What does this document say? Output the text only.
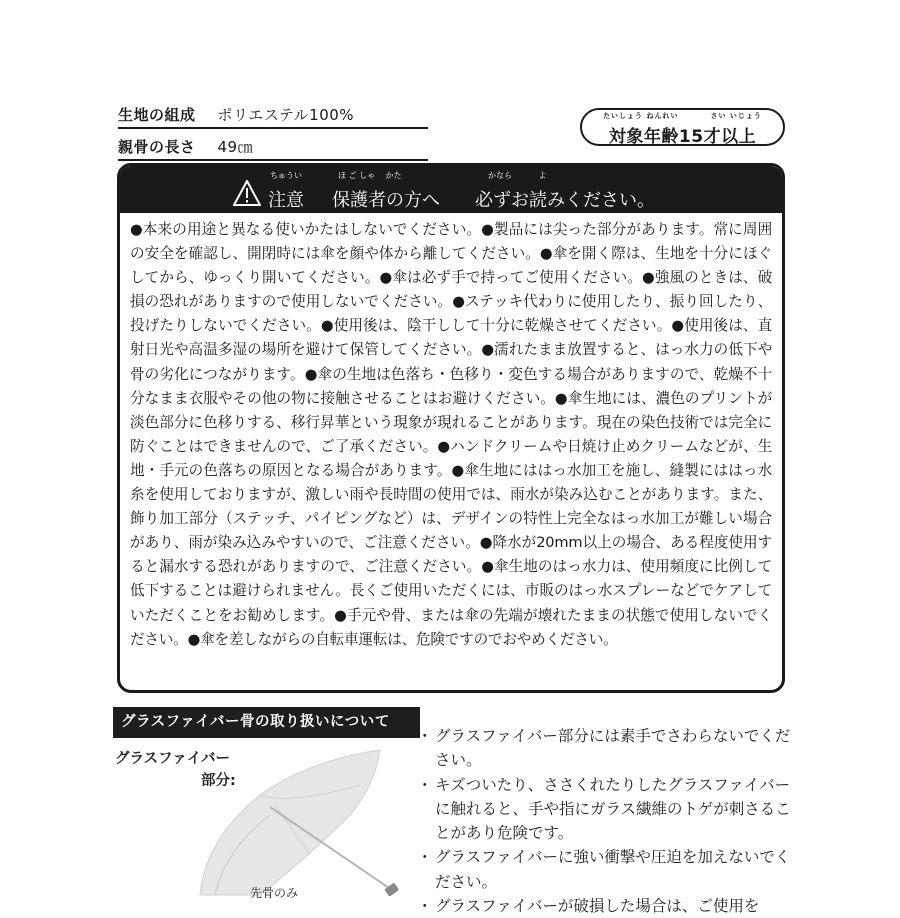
生地の組成 ポリエステル100%
親骨の長さ 49㎝
たいしょう ねんれい　　　　さい いじょう
対象年齢15才以上
ちゅうい
注意
ほ ご しゃ　 かた
保護者の方へ
かなら　　　 よ
必ずお読みください。
●本来の用途と異なる使いかたはしないでください。●製品には尖った部分があります。常に周囲の安全を確認し、開閉時には傘を顔や体から離してください。●傘を開く際は、生地を十分にほぐしてから、ゆっくり開いてください。●傘は必ず手で持ってご使用ください。●強風のときは、破損の恐れがありますので使用しないでください。●ステッキ代わりに使用したり、振り回したり、投げたりしないでください。●使用後は、陰干しして十分に乾燥させてください。●使用後は、直射日光や高温多湿の場所を避けて保管してください。●濡れたまま放置すると、はっ水力の低下や骨の劣化につながります。●傘の生地は色落ち・色移り・変色する場合がありますので、乾燥不十分なまま衣服やその他の物に接触させることはお避けください。●傘生地には、濃色のプリントが淡色部分に色移りする、移行昇華という現象が現れることがあります。現在の染色技術では完全に防ぐことはできませんので、ご了承ください。●ハンドクリームや日焼け止めクリームなどが、生地・手元の色落ちの原因となる場合があります。●傘生地にははっ水加工を施し、縫製にははっ水糸を使用しておりますが、激しい雨や長時間の使用では、雨水が染み込むことがあります。また、飾り加工部分（ステッチ、パイピングなど）は、デザインの特性上完全なはっ水加工が難しい場合があり、雨が染み込みやすいので、ご注意ください。●降水が20mm以上の場合、ある程度使用すると漏水する恐れがありますので、ご注意ください。●傘生地のはっ水力は、使用頻度に比例して低下することは避けられません。長くご使用いただくには、市販のはっ水スプレーなどでケアしていただくことをお勧めします。●手元や骨、または傘の先端が壊れたままの状態で使用しないでください。●傘を差しながらの自転車運転は、危険ですのでおやめください。
グラスファイバー骨の取り扱いについて
グラスファイバー
部分:
先骨のみ
・ グラスファイバー部分には素手でさわらないでください。
・ キズついたり、ささくれたりしたグラスファイバーに触れると、手や指にガラス繊維のトゲが刺さることがあり危険です。
・ グラスファイバーに強い衝撃や圧迫を加えないでください。
・ グラスファイバーが破損した場合は、ご使用を
